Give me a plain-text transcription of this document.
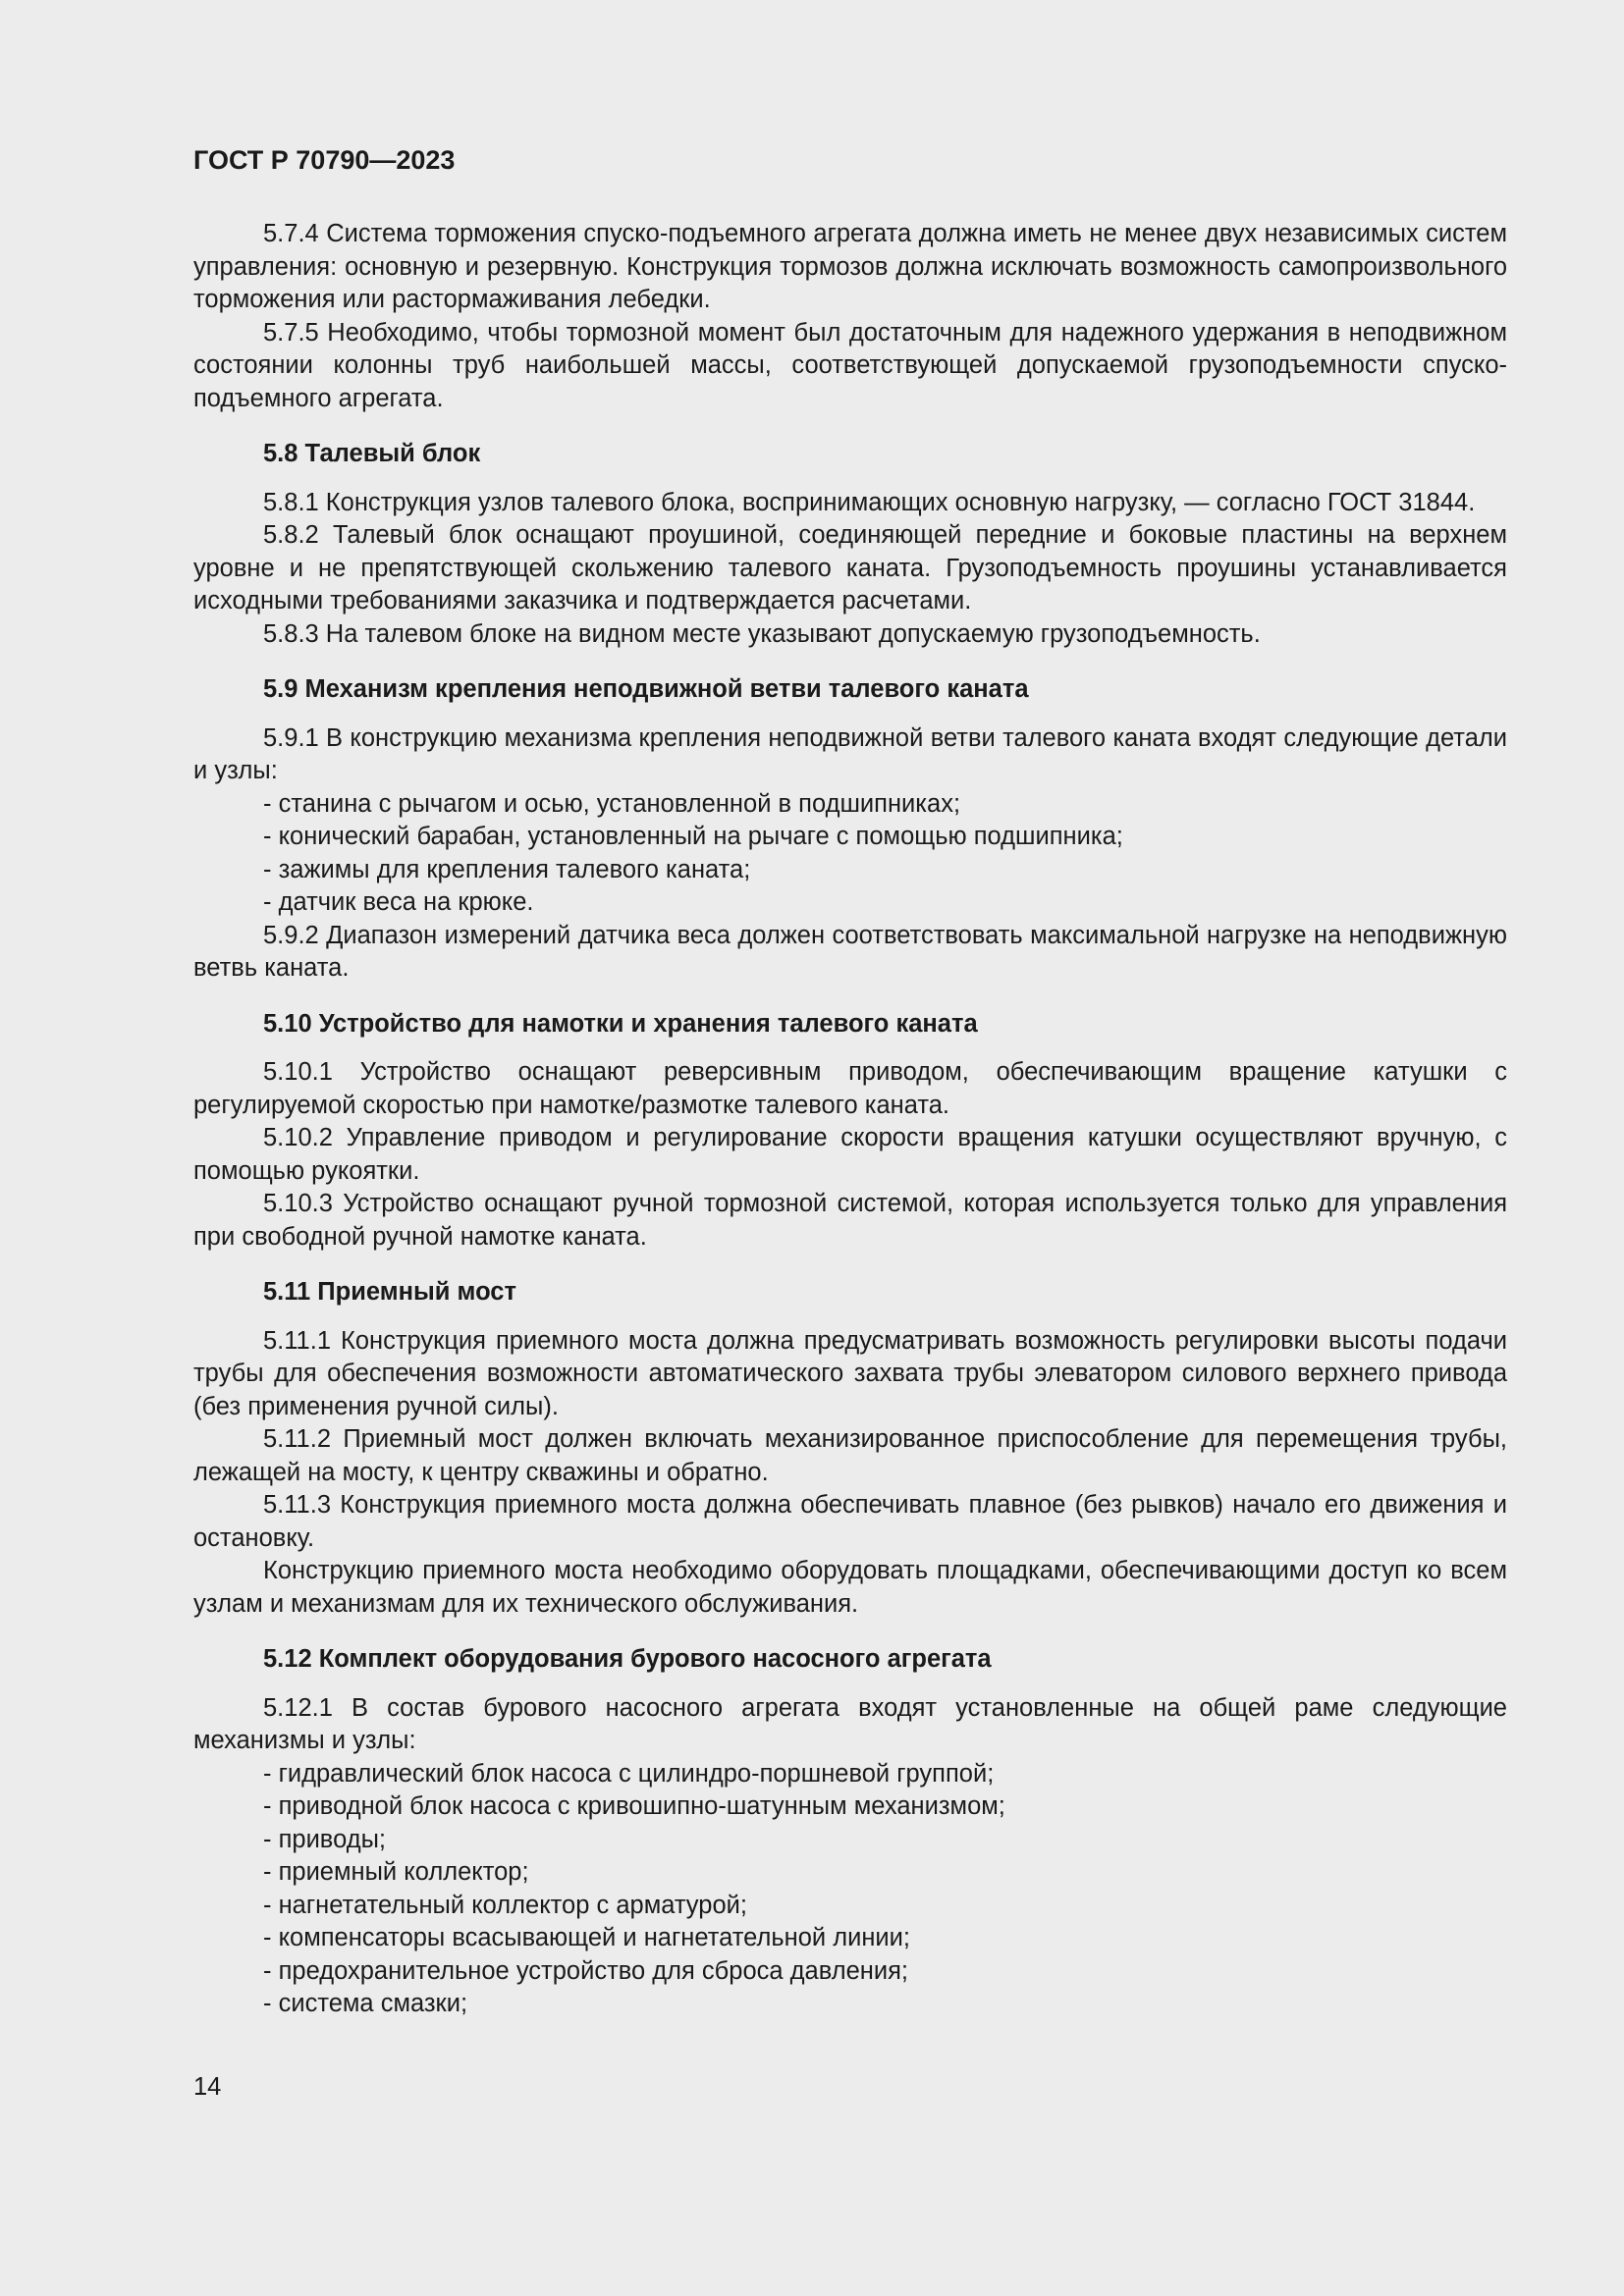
ГОСТ Р 70790—2023

5.7.4 Система торможения спуско-подъемного агрегата должна иметь не менее двух независимых систем управления: основную и резервную. Конструкция тормозов должна исключать возможность самопроизвольного торможения или растормаживания лебедки.

5.7.5 Необходимо, чтобы тормозной момент был достаточным для надежного удержания в неподвижном состоянии колонны труб наибольшей массы, соответствующей допускаемой грузоподъемности спуско-подъемного агрегата.

5.8 Талевый блок

5.8.1 Конструкция узлов талевого блока, воспринимающих основную нагрузку, — согласно ГОСТ 31844.

5.8.2 Талевый блок оснащают проушиной, соединяющей передние и боковые пластины на верхнем уровне и не препятствующей скольжению талевого каната. Грузоподъемность проушины устанавливается исходными требованиями заказчика и подтверждается расчетами.

5.8.3 На талевом блоке на видном месте указывают допускаемую грузоподъемность.

5.9 Механизм крепления неподвижной ветви талевого каната

5.9.1 В конструкцию механизма крепления неподвижной ветви талевого каната входят следующие детали и узлы:

- станина с рычагом и осью, установленной в подшипниках;

- конический барабан, установленный на рычаге с помощью подшипника;

- зажимы для крепления талевого каната;

- датчик веса на крюке.

5.9.2 Диапазон измерений датчика веса должен соответствовать максимальной нагрузке на неподвижную ветвь каната.

5.10 Устройство для намотки и хранения талевого каната

5.10.1 Устройство оснащают реверсивным приводом, обеспечивающим вращение катушки с регулируемой скоростью при намотке/размотке талевого каната.

5.10.2 Управление приводом и регулирование скорости вращения катушки осуществляют вручную, с помощью рукоятки.

5.10.3 Устройство оснащают ручной тормозной системой, которая используется только для управления при свободной ручной намотке каната.

5.11 Приемный мост

5.11.1 Конструкция приемного моста должна предусматривать возможность регулировки высоты подачи трубы для обеспечения возможности автоматического захвата трубы элеватором силового верхнего привода (без применения ручной силы).

5.11.2 Приемный мост должен включать механизированное приспособление для перемещения трубы, лежащей на мосту, к центру скважины и обратно.

5.11.3 Конструкция приемного моста должна обеспечивать плавное (без рывков) начало его движения и остановку.

Конструкцию приемного моста необходимо оборудовать площадками, обеспечивающими доступ ко всем узлам и механизмам для их технического обслуживания.

5.12 Комплект оборудования бурового насосного агрегата

5.12.1 В состав бурового насосного агрегата входят установленные на общей раме следующие механизмы и узлы:

- гидравлический блок насоса с цилиндро-поршневой группой;

- приводной блок насоса с кривошипно-шатунным механизмом;

- приводы;

- приемный коллектор;

- нагнетательный коллектор с арматурой;

- компенсаторы всасывающей и нагнетательной линии;

- предохранительное устройство для сброса давления;

- система смазки;

14
